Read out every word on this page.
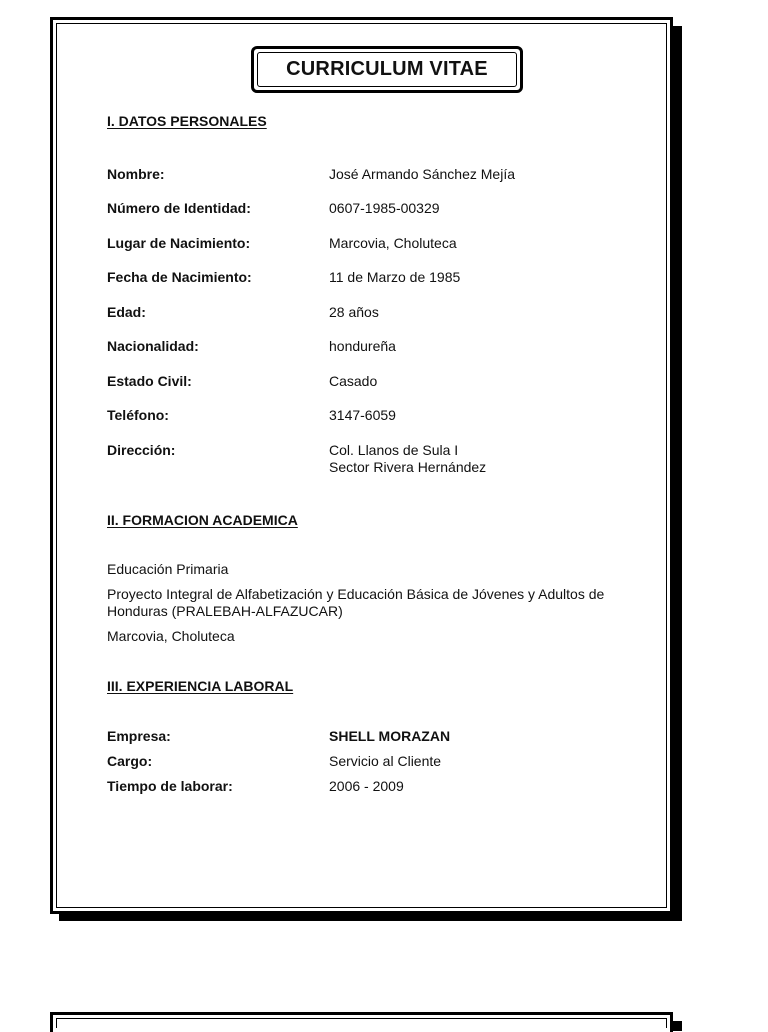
CURRICULUM VITAE
I. DATOS PERSONALES
Nombre:	José Armando Sánchez Mejía
Número de Identidad:	0607-1985-00329
Lugar de Nacimiento:	Marcovia, Choluteca
Fecha de Nacimiento:	11 de Marzo de 1985
Edad:	28 años
Nacionalidad:	hondureña
Estado Civil:	Casado
Teléfono:	3147-6059
Dirección:	Col. Llanos de Sula I
Sector Rivera Hernández
II. FORMACION ACADEMICA
Educación Primaria
Proyecto Integral de Alfabetización y Educación Básica de Jóvenes y Adultos de
Honduras (PRALEBAH-ALFAZUCAR)
Marcovia, Choluteca
III. EXPERIENCIA LABORAL
Empresa:	SHELL MORAZAN
Cargo:	Servicio al Cliente
Tiempo de laborar:	2006 - 2009
